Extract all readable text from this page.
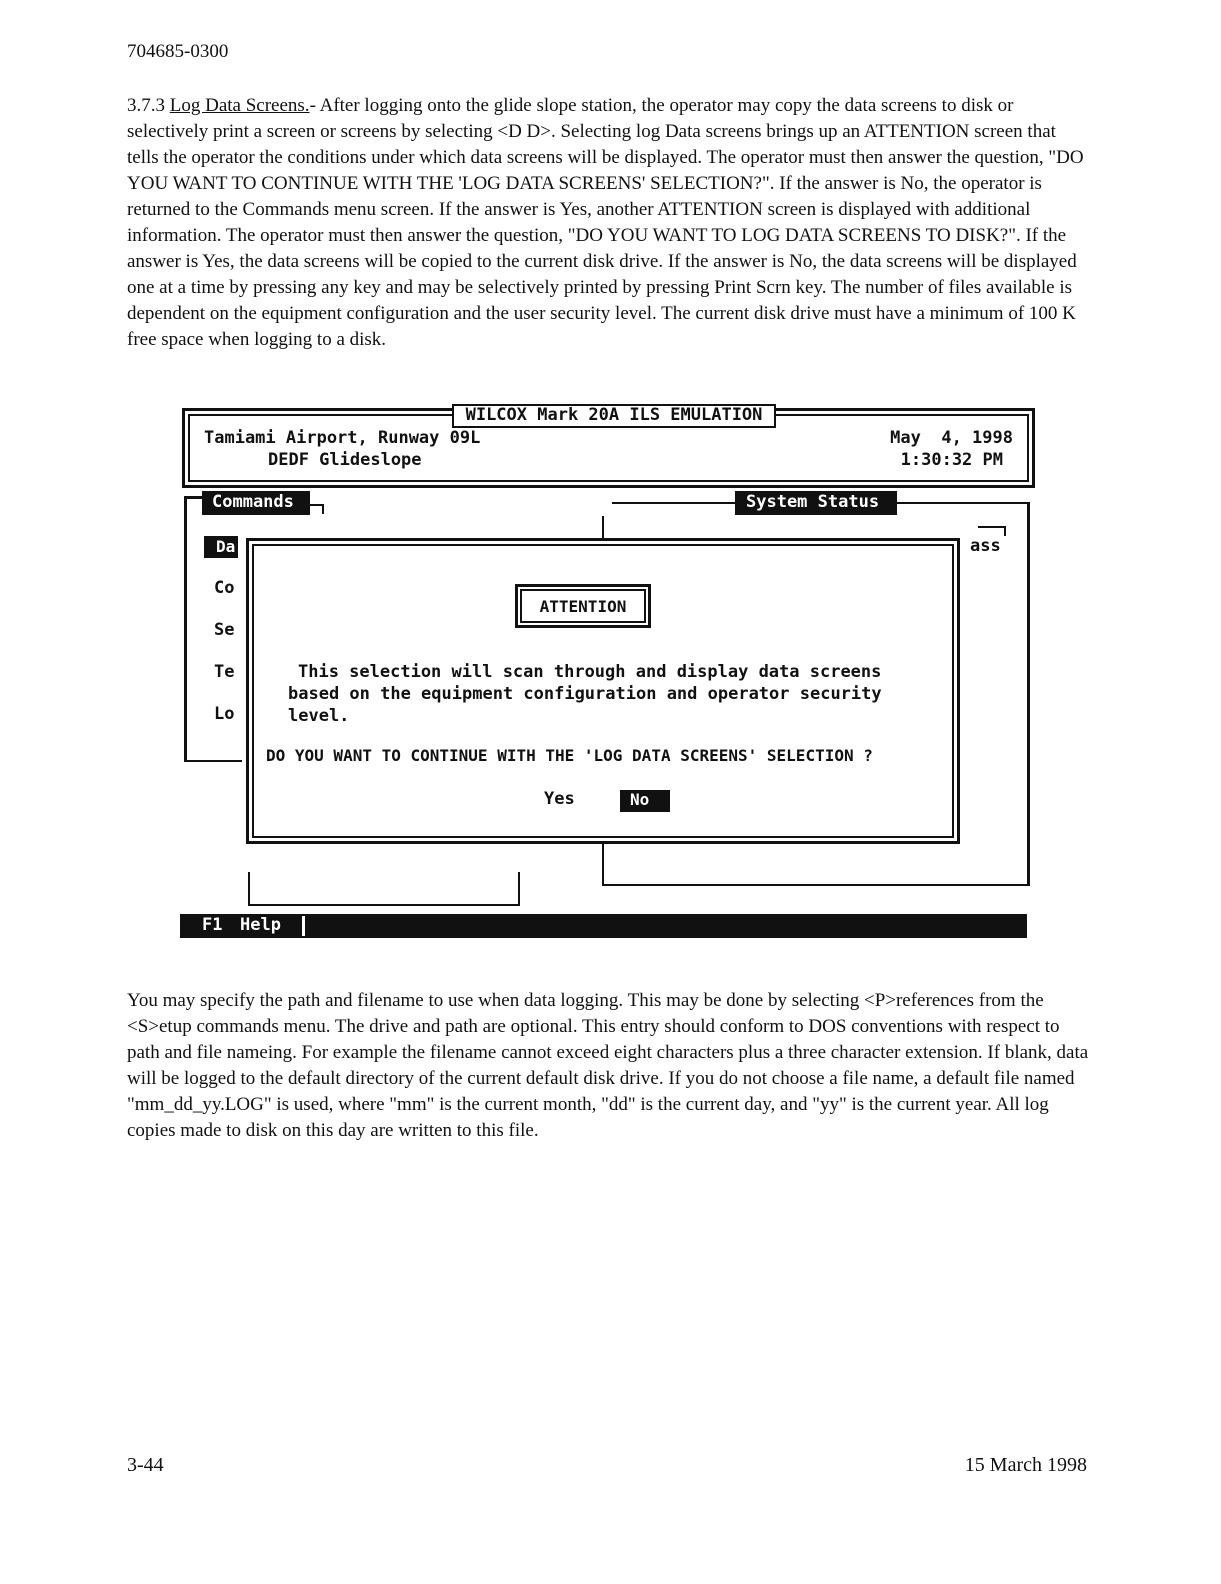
704685-0300

3.7.3 Log Data Screens.- After logging onto the glide slope station, the operator may copy the data screens to disk or selectively print a screen or screens by selecting <D D>. Selecting log Data screens brings up an ATTENTION screen that tells the operator the conditions under which data screens will be displayed. The operator must then answer the question, "DO YOU WANT TO CONTINUE WITH THE 'LOG DATA SCREENS' SELECTION?". If the answer is No, the operator is returned to the Commands menu screen. If the answer is Yes, another ATTENTION screen is displayed with additional information. The operator must then answer the question, "DO YOU WANT TO LOG DATA SCREENS TO DISK?". If the answer is Yes, the data screens will be copied to the current disk drive. If the answer is No, the data screens will be displayed one at a time by pressing any key and may be selectively printed by pressing Print Scrn key. The number of files available is dependent on the equipment configuration and the user security level. The current disk drive must have a minimum of 100 K free space when logging to a disk.

WILCOX Mark 20A ILS EMULATION
Tamiami Airport, Runway 09L
DEDF Glideslope
May  4, 1998
1:30:32 PM
Commands	System Status
ass
Da
Co
Se
Te
Lo
ATTENTION
This selection will scan through and display data screens
based on the equipment configuration and operator security
level.
DO YOU WANT TO CONTINUE WITH THE 'LOG DATA SCREENS' SELECTION ?
Yes	No
F1 Help

You may specify the path and filename to use when data logging. This may be done by selecting <P>references from the <S>etup commands menu. The drive and path are optional. This entry should conform to DOS conventions with respect to path and file nameing. For example the filename cannot exceed eight characters plus a three character extension. If blank, data will be logged to the default directory of the current default disk drive. If you do not choose a file name, a default file named "mm_dd_yy.LOG" is used, where "mm" is the current month, "dd" is the current day, and "yy" is the current year. All log copies made to disk on this day are written to this file.

3-44	15 March 1998
